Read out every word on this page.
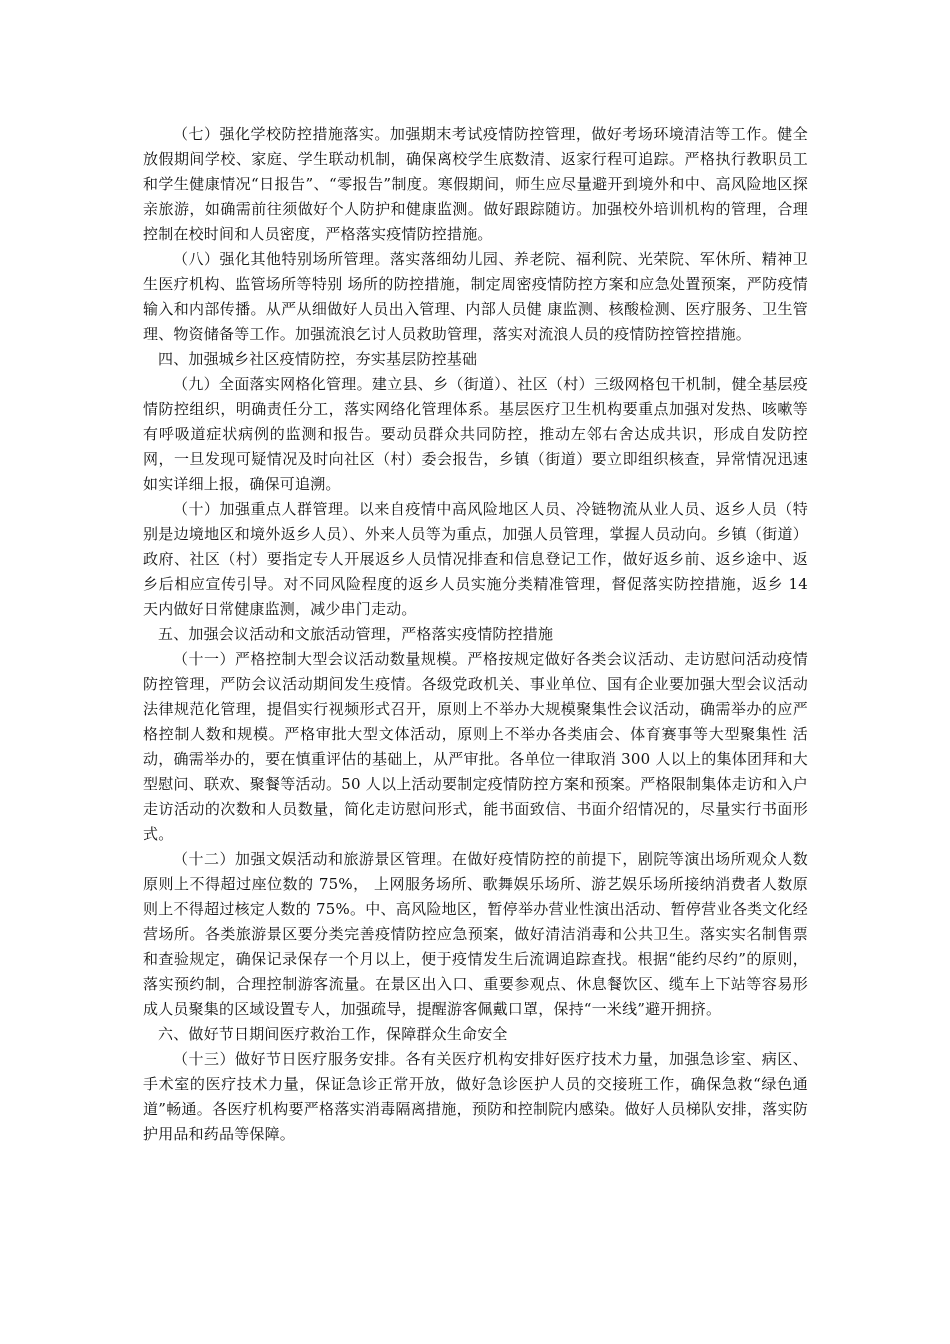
（七）强化学校防控措施落实。加强期末考试疫情防控管理，做好考场环境清洁等工作。健全放假期间学校、家庭、学生联动机制，确保离校学生底数清、返家行程可追踪。严格执行教职员工和学生健康情况“日报告”、“零报告”制度。寒假期间，师生应尽量避开到境外和中、高风险地区探亲旅游，如确需前往须做好个人防护和健康监测。做好跟踪随访。加强校外培训机构的管理，合理控制在校时间和人员密度，严格落实疫情防控措施。

（八）强化其他特别场所管理。落实落细幼儿园、养老院、福利院、光荣院、军休所、精神卫生医疗机构、监管场所等特别 场所的防控措施，制定周密疫情防控方案和应急处置预案，严防疫情输入和内部传播。从严从细做好人员出入管理、内部人员健 康监测、核酸检测、医疗服务、卫生管理、物资储备等工作。加强流浪乞讨人员救助管理，落实对流浪人员的疫情防控管控措施。

四、加强城乡社区疫情防控，夯实基层防控基础

（九）全面落实网格化管理。建立县、乡（街道）、社区（村）三级网格包干机制，健全基层疫情防控组织，明确责任分工，落实网络化管理体系。基层医疗卫生机构要重点加强对发热、咳嗽等有呼吸道症状病例的监测和报告。要动员群众共同防控，推动左邻右舍达成共识，形成自发防控网，一旦发现可疑情况及时向社区（村）委会报告，乡镇（街道）要立即组织核查，异常情况迅速如实详细上报，确保可追溯。

（十）加强重点人群管理。以来自疫情中高风险地区人员、冷链物流从业人员、返乡人员（特别是边境地区和境外返乡人员）、外来人员等为重点，加强人员管理，掌握人员动向。乡镇（街道）政府、社区（村）要指定专人开展返乡人员情况排查和信息登记工作，做好返乡前、返乡途中、返乡后相应宣传引导。对不同风险程度的返乡人员实施分类精准管理，督促落实防控措施，返乡 14 天内做好日常健康监测，减少串门走动。

五、加强会议活动和文旅活动管理，严格落实疫情防控措施

（十一）严格控制大型会议活动数量规模。严格按规定做好各类会议活动、走访慰问活动疫情防控管理，严防会议活动期间发生疫情。各级党政机关、事业单位、国有企业要加强大型会议活动法律规范化管理，提倡实行视频形式召开，原则上不举办大规模聚集性会议活动，确需举办的应严格控制人数和规模。严格审批大型文体活动，原则上不举办各类庙会、体育赛事等大型聚集性 活动，确需举办的，要在慎重评估的基础上，从严审批。各单位一律取消 300 人以上的集体团拜和大型慰问、联欢、聚餐等活动。50 人以上活动要制定疫情防控方案和预案。严格限制集体走访和入户走访活动的次数和人员数量，简化走访慰问形式，能书面致信、书面介绍情况的，尽量实行书面形式。

（十二）加强文娱活动和旅游景区管理。在做好疫情防控的前提下，剧院等演出场所观众人数原则上不得超过座位数的 75%， 上网服务场所、歌舞娱乐场所、游艺娱乐场所接纳消费者人数原则上不得超过核定人数的 75%。中、高风险地区，暂停举办营业性演出活动、暂停营业各类文化经营场所。各类旅游景区要分类完善疫情防控应急预案，做好清洁消毒和公共卫生。落实实名制售票和查验规定，确保记录保存一个月以上，便于疫情发生后流调追踪查找。根据“能约尽约”的原则，落实预约制，合理控制游客流量。在景区出入口、重要参观点、休息餐饮区、缆车上下站等容易形成人员聚集的区域设置专人，加强疏导，提醒游客佩戴口罩，保持“一米线”避开拥挤。

六、做好节日期间医疗救治工作，保障群众生命安全

（十三）做好节日医疗服务安排。各有关医疗机构安排好医疗技术力量，加强急诊室、病区、手术室的医疗技术力量，保证急诊正常开放，做好急诊医护人员的交接班工作，确保急救“绿色通道”畅通。各医疗机构要严格落实消毒隔离措施，预防和控制院内感染。做好人员梯队安排，落实防护用品和药品等保障。
